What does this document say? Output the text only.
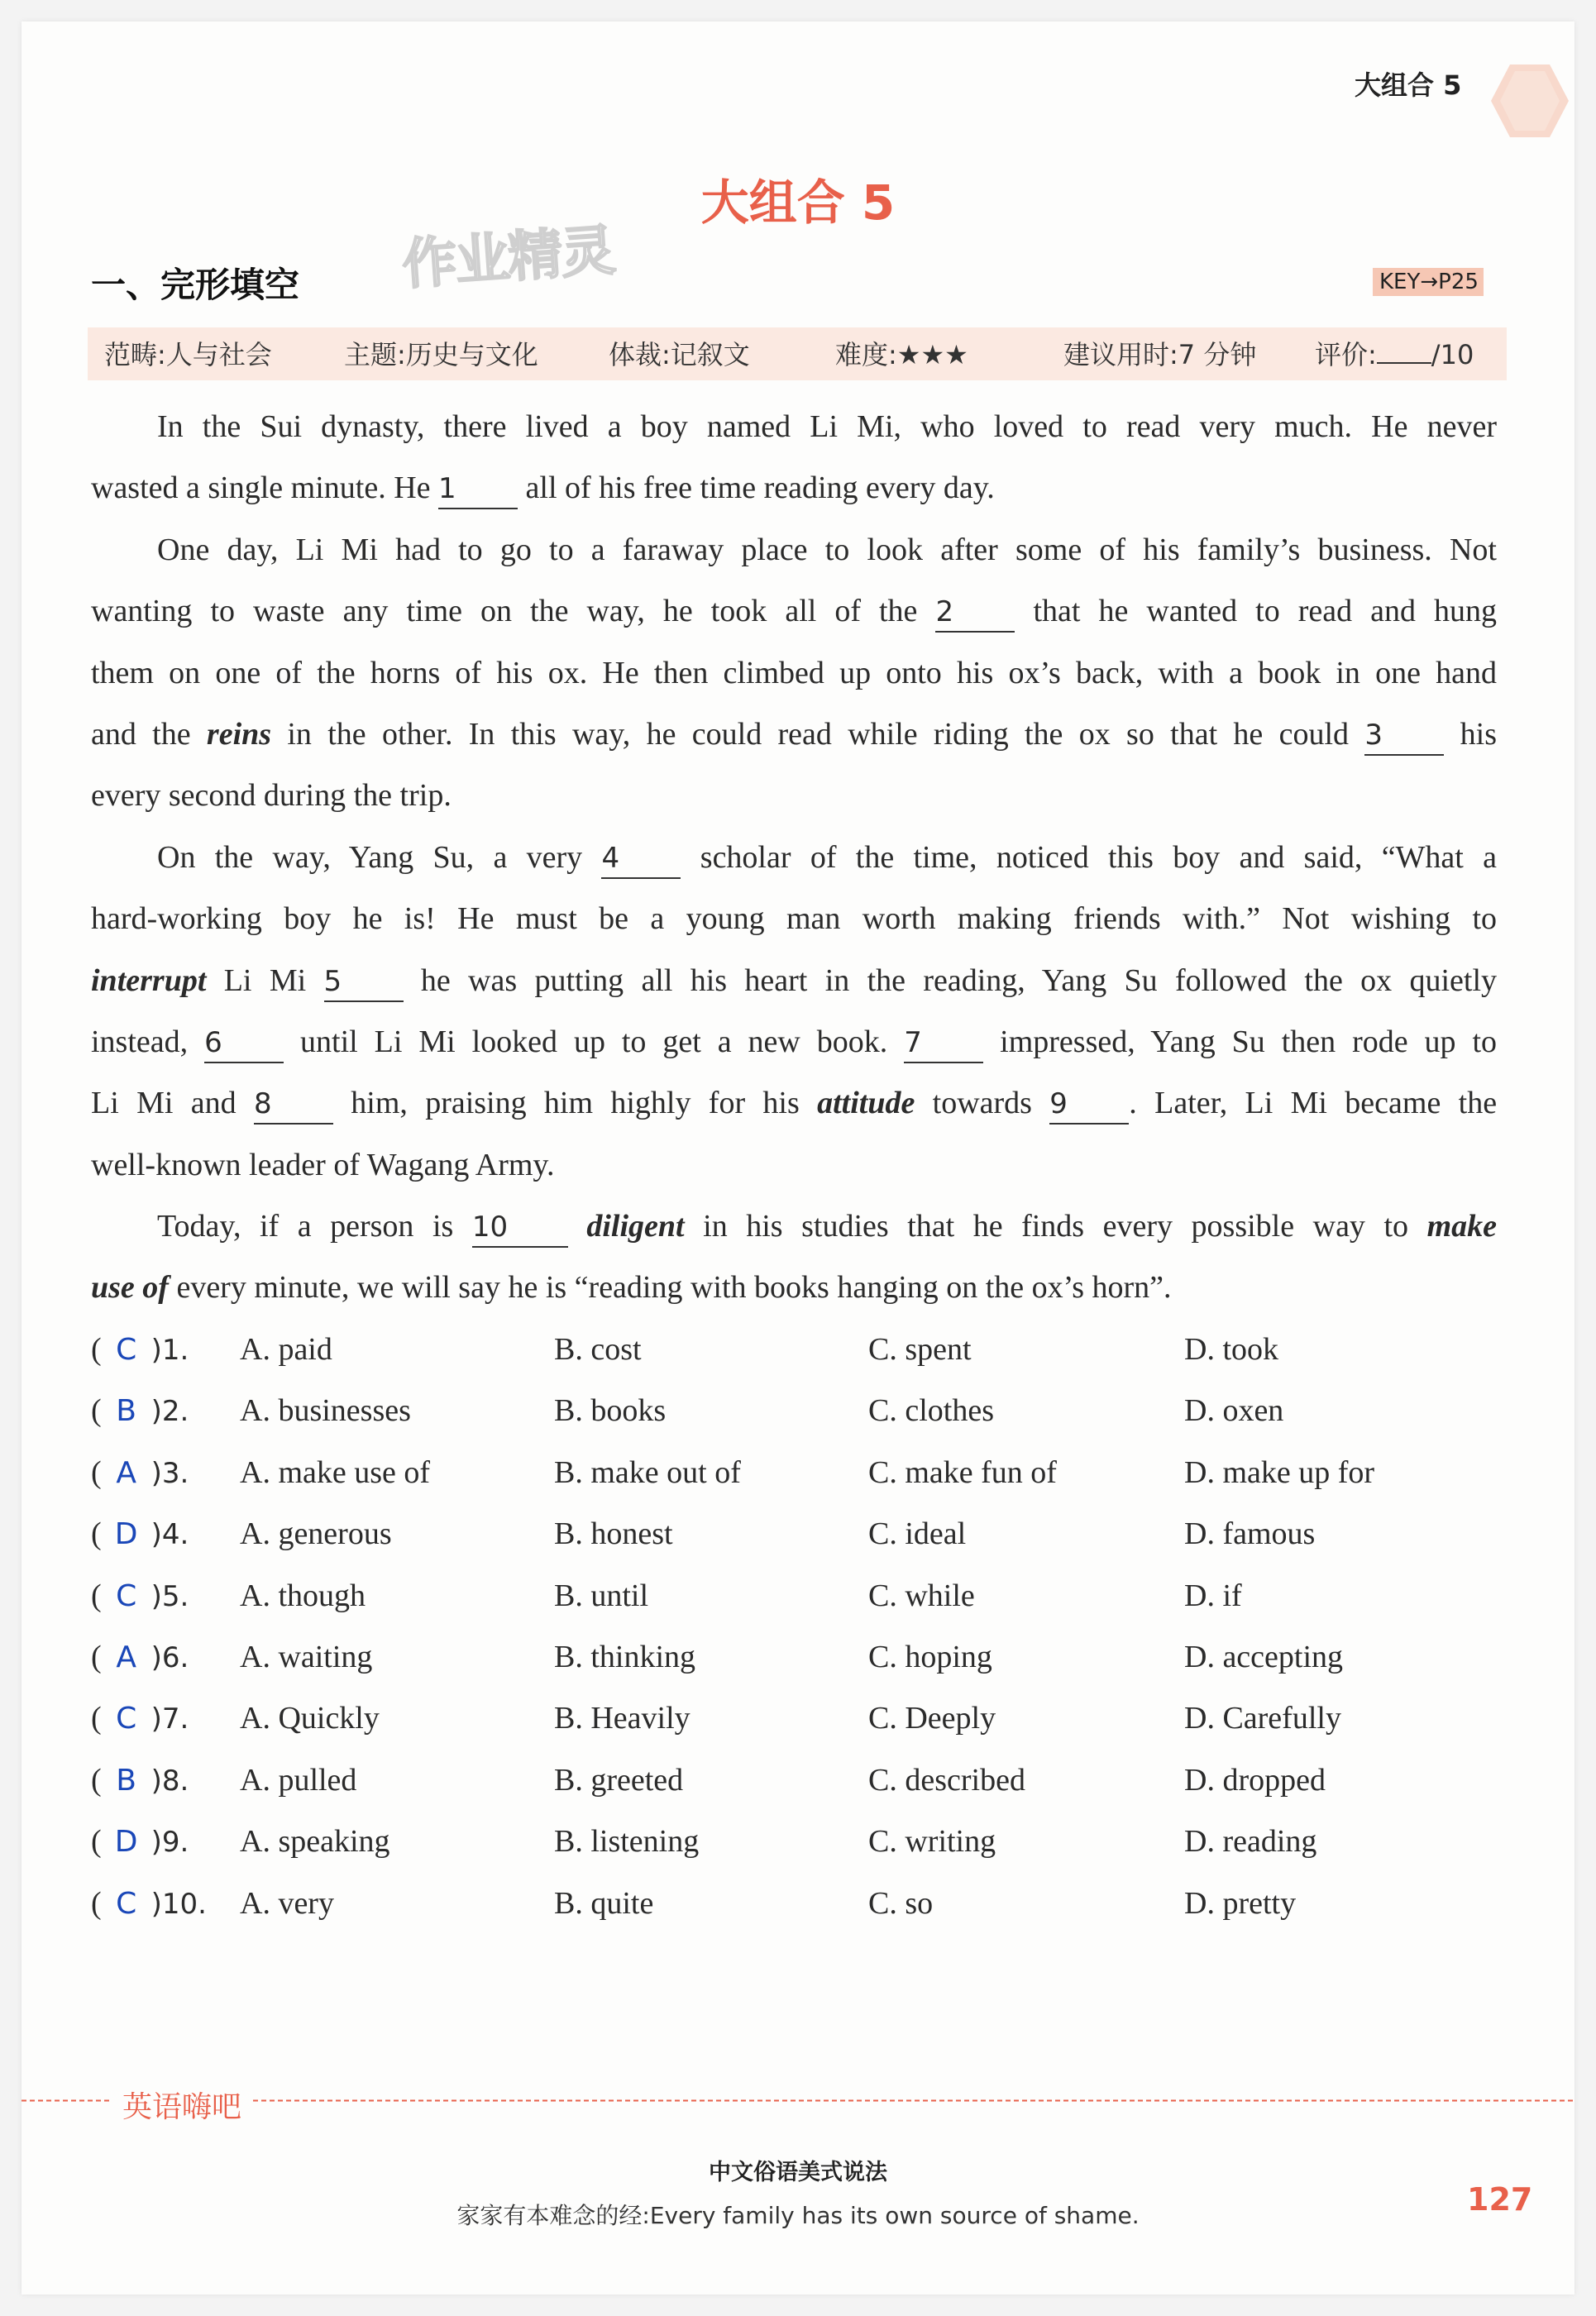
大组合 5
大组合 5
作业精灵
一、完形填空	KEY→P25
范畴:人与社会	主题:历史与文化	体裁:记叙文	难度:★★★	建议用时:7 分钟 评价: /10
In the Sui dynasty, there lived a boy named Li Mi, who loved to read very much. He never
wasted a single minute. He 1 all of his free time reading every day.
One day, Li Mi had to go to a faraway place to look after some of his family’s business. Not
wanting to waste any time on the way, he took all of the 2	that he wanted to read and hung
them on one of the horns of his ox. He then climbed up onto his ox’s back, with a book in one hand
and the reins in the other. In this way, he could read while riding the ox so that he could 3 his
every second during the trip.
On the way, Yang Su, a very 4	scholar of the time, noticed this boy and said, “What a
hard-working boy he is! He must be a young man worth making friends with.” Not wishing to
interrupt Li Mi 5	he was putting all his heart in the reading, Yang Su followed the ox quietly
instead, 6 until Li Mi looked up to get a new book. 7 impressed, Yang Su then rode up to
Li Mi and 8	him, praising him highly for his attitude towards 9 . Later, Li Mi became the
well-known leader of Wagang Army.
Today, if a person is 10	diligent in his studies that he finds every possible way to make
use of every minute, we will say he is “reading with books hanging on the ox’s horn”.
( C )1. A. paid	B. cost	C. spent	D. took
( B )2. A. businesses	B. books	C. clothes	D. oxen
( A )3. A. make use of	B. make out of	C. make fun of	D. make up for
( D )4. A. generous	B. honest	C. ideal	D. famous
( C )5. A. though	B. until	C. while	D. if
( A )6. A. waiting	B. thinking	C. hoping	D. accepting
( C )7. A. Quickly	B. Heavily	C. Deeply	D. Carefully
( B )8. A. pulled	B. greeted	C. described	D. dropped
( D )9. A. speaking	B. listening	C. writing	D. reading
( C )10. A. very	B. quite	C. so	D. pretty
英语嗨吧
中文俗语美式说法
家家有本难念的经:Every family has its own source of shame.	127
